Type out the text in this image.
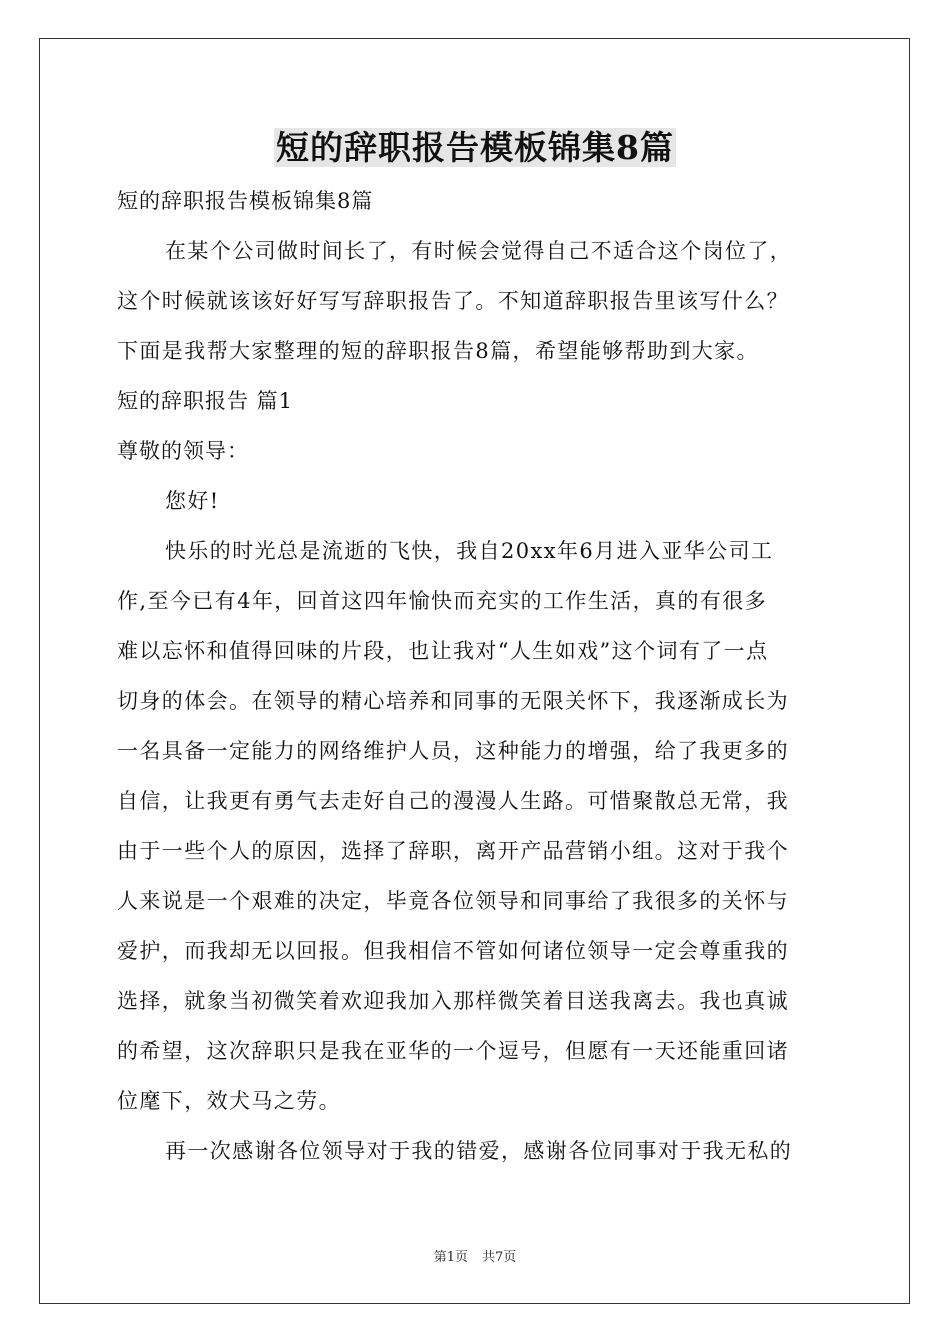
短的辞职报告模板锦集8篇

短的辞职报告模板锦集8篇

在某个公司做时间长了，有时候会觉得自己不适合这个岗位了，
这个时候就该该好好写写辞职报告了。不知道辞职报告里该写什么？
下面是我帮大家整理的短的辞职报告8篇，希望能够帮助到大家。

短的辞职报告 篇1

尊敬的领导：

您好!
快乐的时光总是流逝的飞快，我自20xx年6月进入亚华公司工
作,至今已有4年，回首这四年愉快而充实的工作生活，真的有很多
难以忘怀和值得回味的片段，也让我对“人生如戏”这个词有了一点
切身的体会。在领导的精心培养和同事的无限关怀下，我逐渐成长为
一名具备一定能力的网络维护人员，这种能力的增强，给了我更多的
自信，让我更有勇气去走好自己的漫漫人生路。可惜聚散总无常，我
由于一些个人的原因，选择了辞职，离开产品营销小组。这对于我个
人来说是一个艰难的决定，毕竟各位领导和同事给了我很多的关怀与
爱护，而我却无以回报。但我相信不管如何诸位领导一定会尊重我的
选择，就象当初微笑着欢迎我加入那样微笑着目送我离去。我也真诚
的希望，这次辞职只是我在亚华的一个逗号，但愿有一天还能重回诸
位麾下，效犬马之劳。
再一次感谢各位领导对于我的错爱，感谢各位同事对于我无私的
第1页 共7页
